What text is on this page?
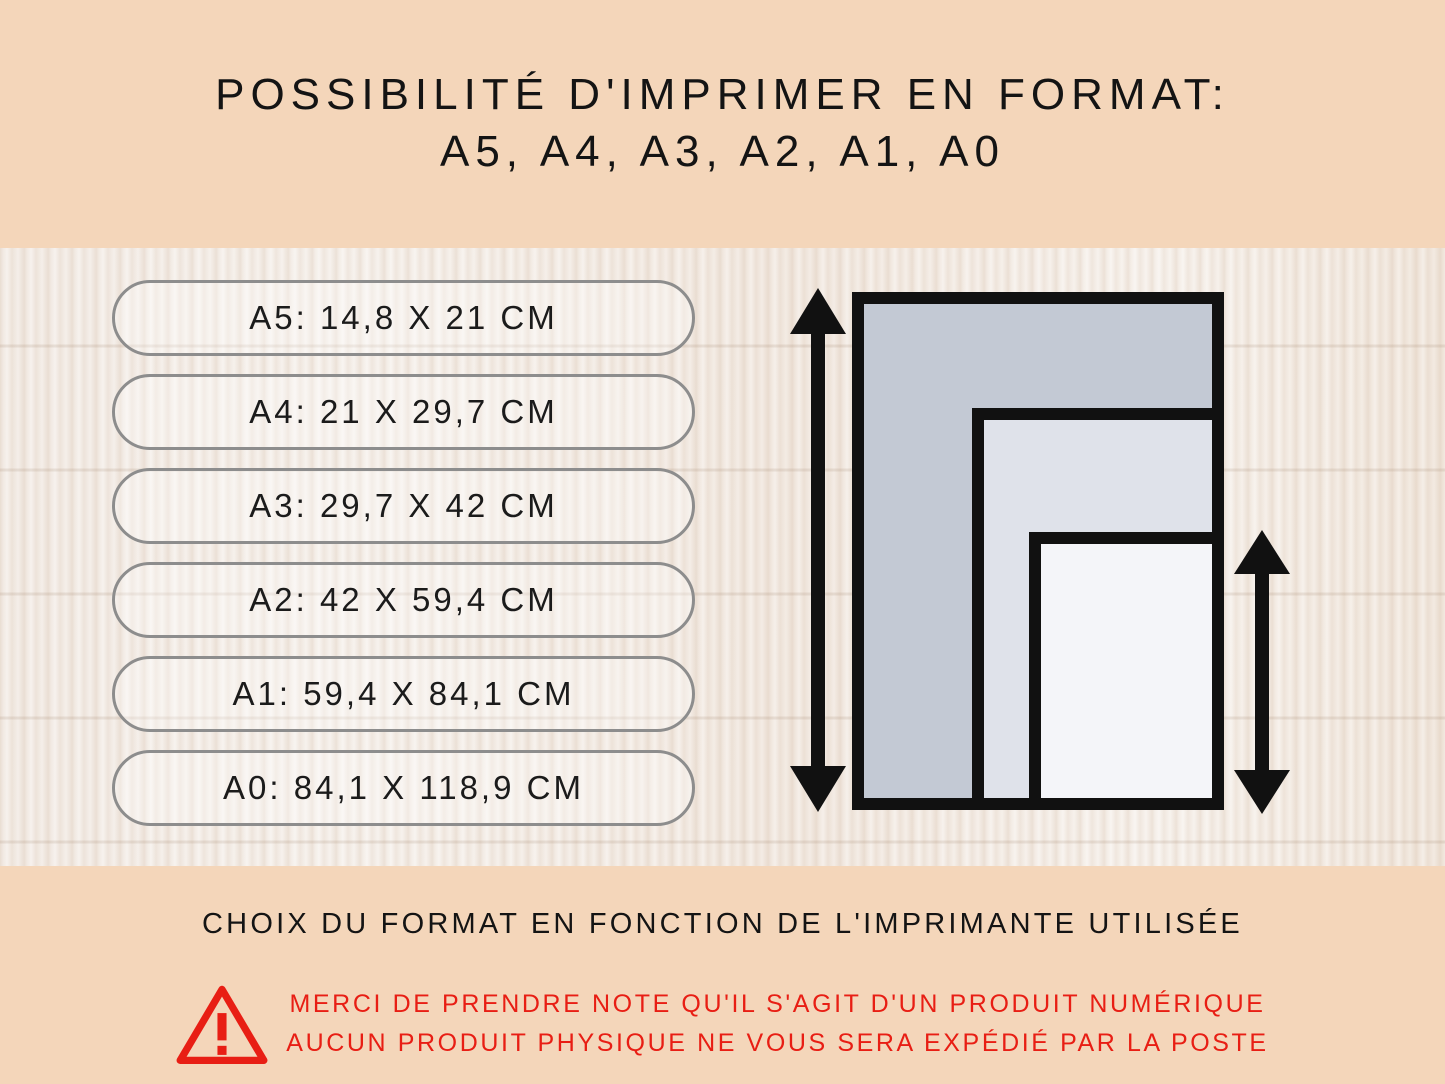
POSSIBILITÉ D'IMPRIMER EN FORMAT:
A5, A4, A3, A2, A1, A0
A5: 14,8 X 21 CM
A4: 21 X 29,7 CM
A3: 29,7 X 42 CM
A2: 42 X 59,4 CM
A1: 59,4 X 84,1 CM
A0: 84,1 X 118,9 CM
CHOIX DU FORMAT EN FONCTION DE L'IMPRIMANTE UTILISÉE
MERCI DE PRENDRE NOTE QU'IL S'AGIT D'UN PRODUIT NUMÉRIQUE
AUCUN PRODUIT PHYSIQUE NE VOUS SERA EXPÉDIÉ PAR LA POSTE
